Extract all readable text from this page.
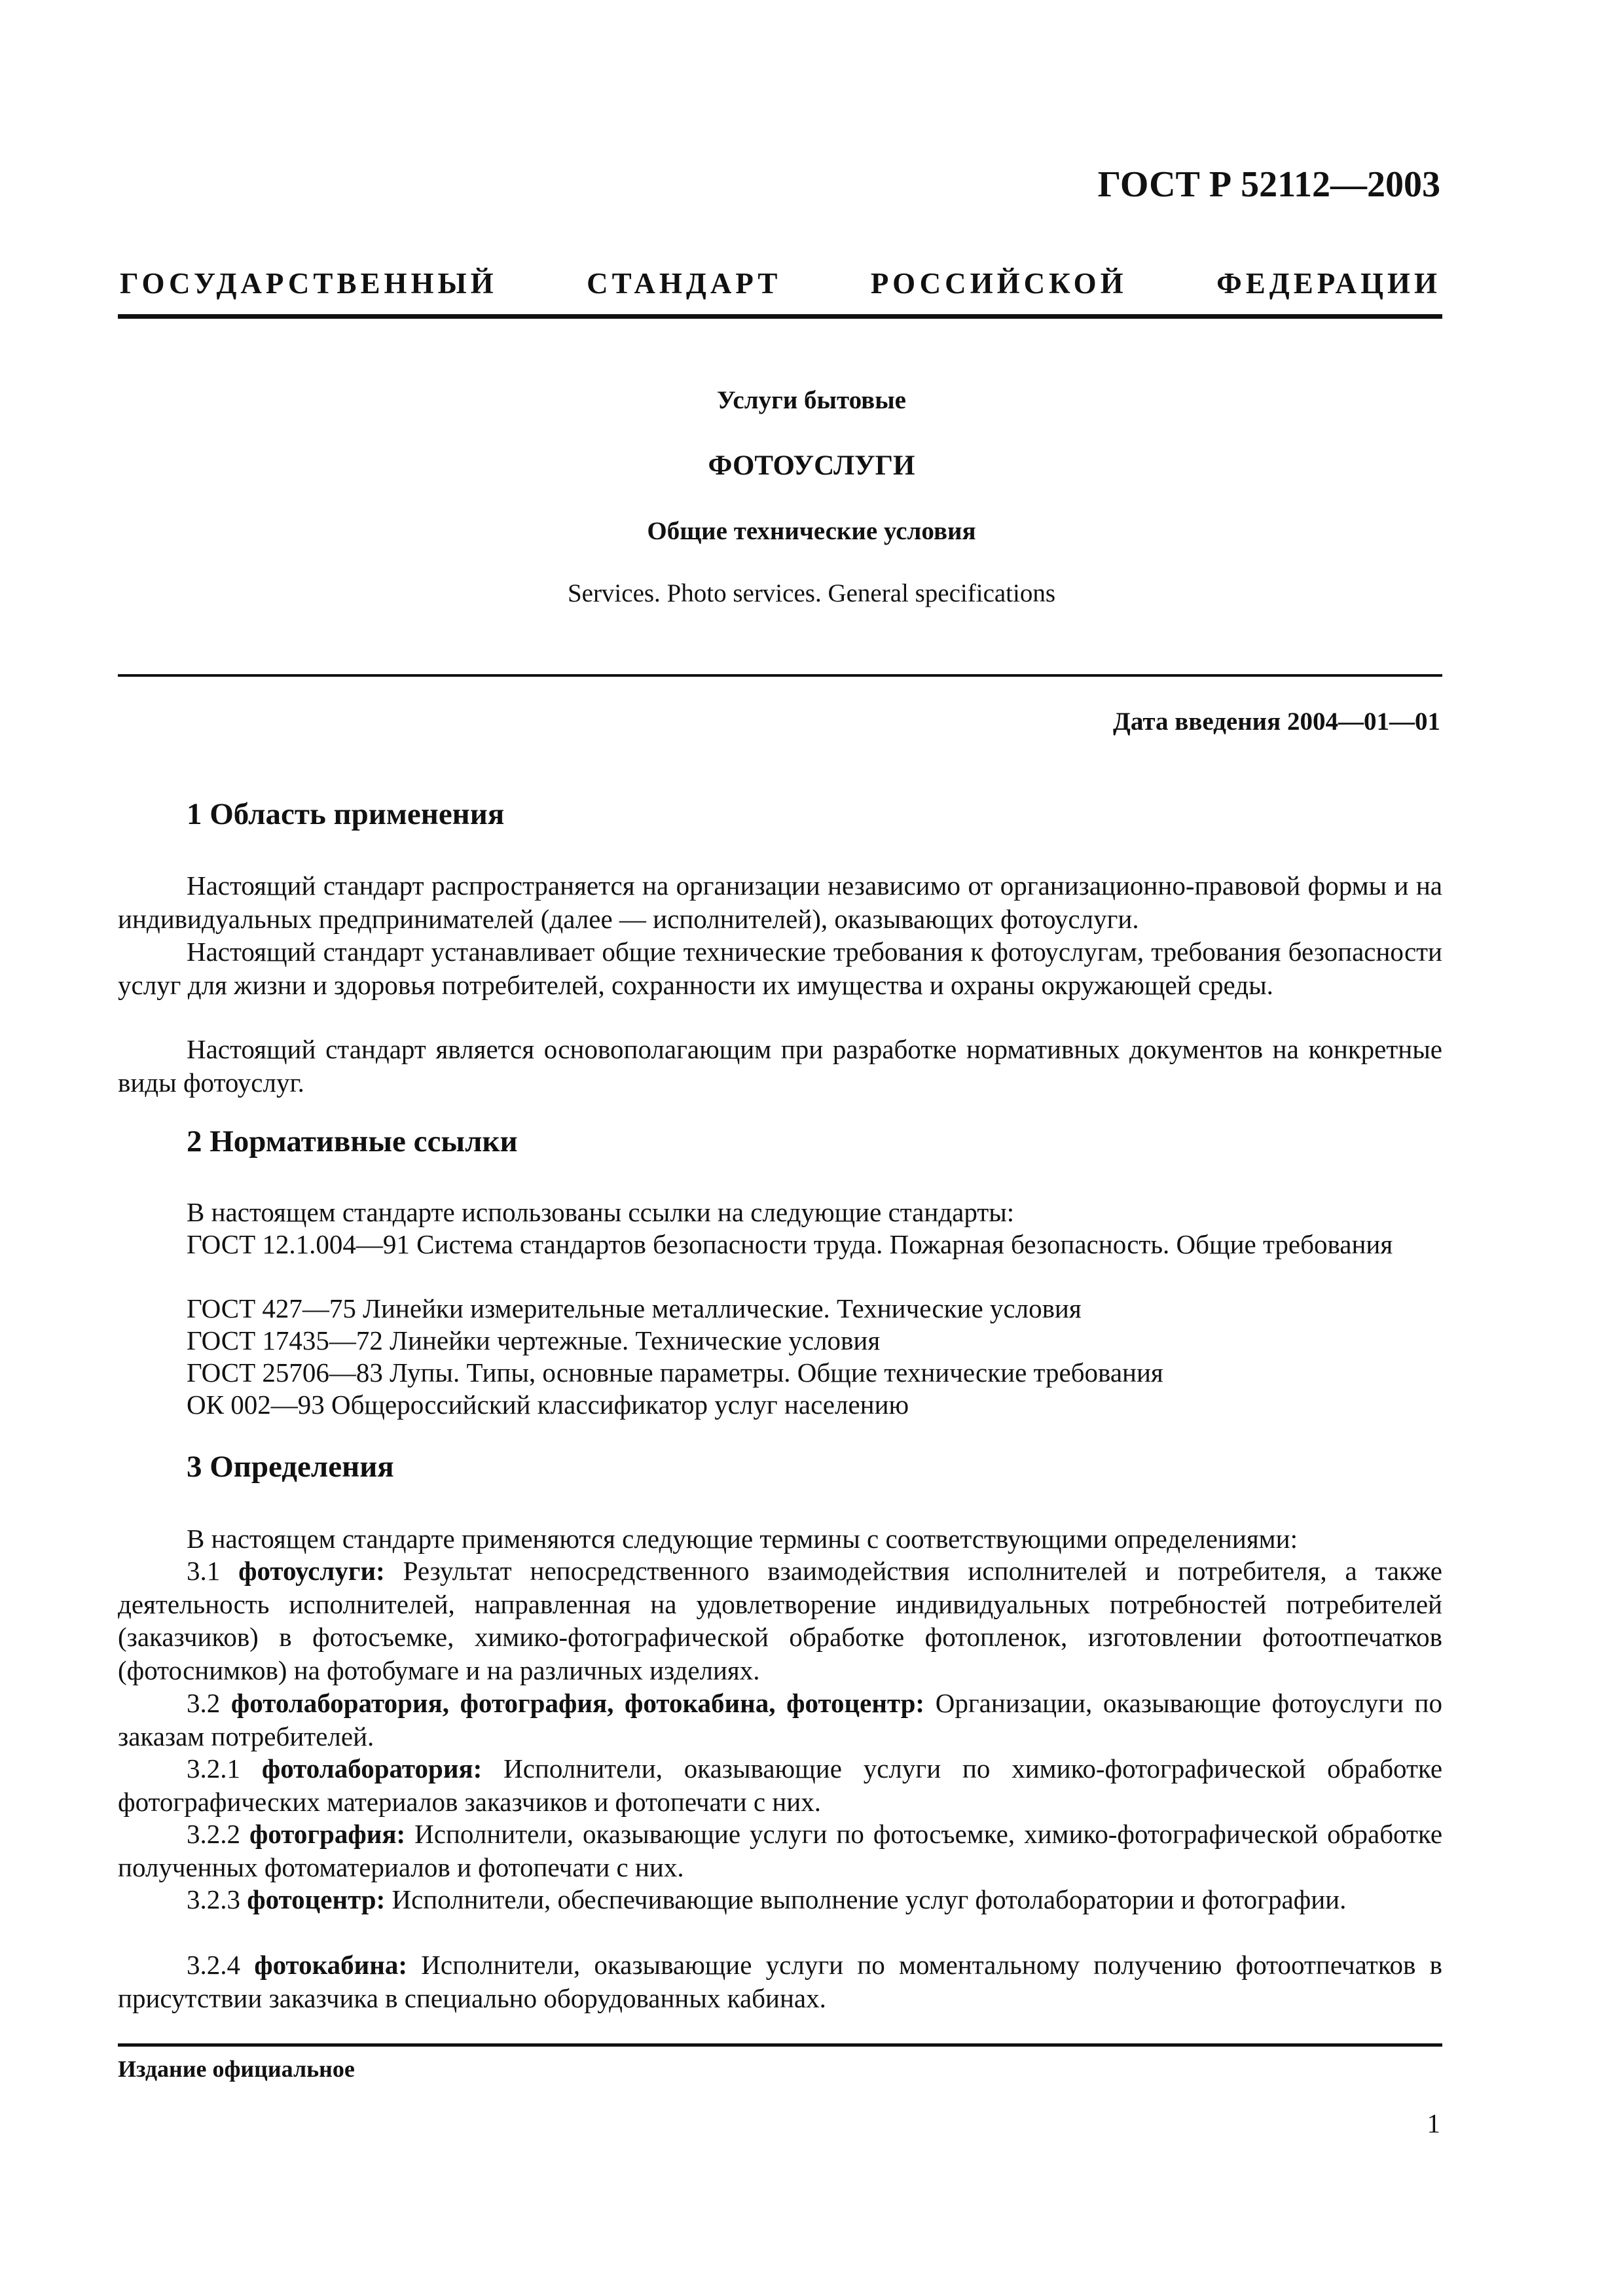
ГОСТ Р 52112—2003
ГОСУДАРСТВЕННЫЙ СТАНДАРТ РОССИЙСКОЙ ФЕДЕРАЦИИ
Услуги бытовые
ФОТОУСЛУГИ
Общие технические условия
Services. Photo services. General specifications
Дата введения 2004—01—01
1 Область применения

Настоящий стандарт распространяется на организации независимо от организационно-правовой формы и на индивидуальных предпринимателей (далее — исполнителей), оказывающих фотоуслуги.

Настоящий стандарт устанавливает общие технические требования к фотоуслугам, требования безопасности услуг для жизни и здоровья потребителей, сохранности их имущества и охраны окружающей среды.

Настоящий стандарт является основополагающим при разработке нормативных документов на конкретные виды фотоуслуг.

2 Нормативные ссылки

В настоящем стандарте использованы ссылки на следующие стандарты:

ГОСТ 12.1.004—91 Система стандартов безопасности труда. Пожарная безопасность. Общие требования

ГОСТ 427—75 Линейки измерительные металлические. Технические условия
ГОСТ 17435—72 Линейки чертежные. Технические условия
ГОСТ 25706—83 Лупы. Типы, основные параметры. Общие технические требования
ОК 002—93 Общероссийский классификатор услуг населению
3 Определения

В настоящем стандарте применяются следующие термины с соответствующими определениями:

3.1 фотоуслуги: Результат непосредственного взаимодействия исполнителей и потребителя, а также деятельность исполнителей, направленная на удовлетворение индивидуальных потребностей потребителей (заказчиков) в фотосъемке, химико-фотографической обработке фотопленок, изготовлении фотоотпечатков (фотоснимков) на фотобумаге и на различных изделиях.

3.2 фотолаборатория, фотография, фотокабина, фотоцентр: Организации, оказывающие фотоуслуги по заказам потребителей.

3.2.1 фотолаборатория: Исполнители, оказывающие услуги по химико-фотографической обработке фотографических материалов заказчиков и фотопечати с них.

3.2.2 фотография: Исполнители, оказывающие услуги по фотосъемке, химико-фотографической обработке полученных фотоматериалов и фотопечати с них.

3.2.3 фотоцентр: Исполнители, обеспечивающие выполнение услуг фотолаборатории и фотографии.

3.2.4 фотокабина: Исполнители, оказывающие услуги по моментальному получению фотоотпечатков в присутствии заказчика в специально оборудованных кабинах.

Издание официальное
1
